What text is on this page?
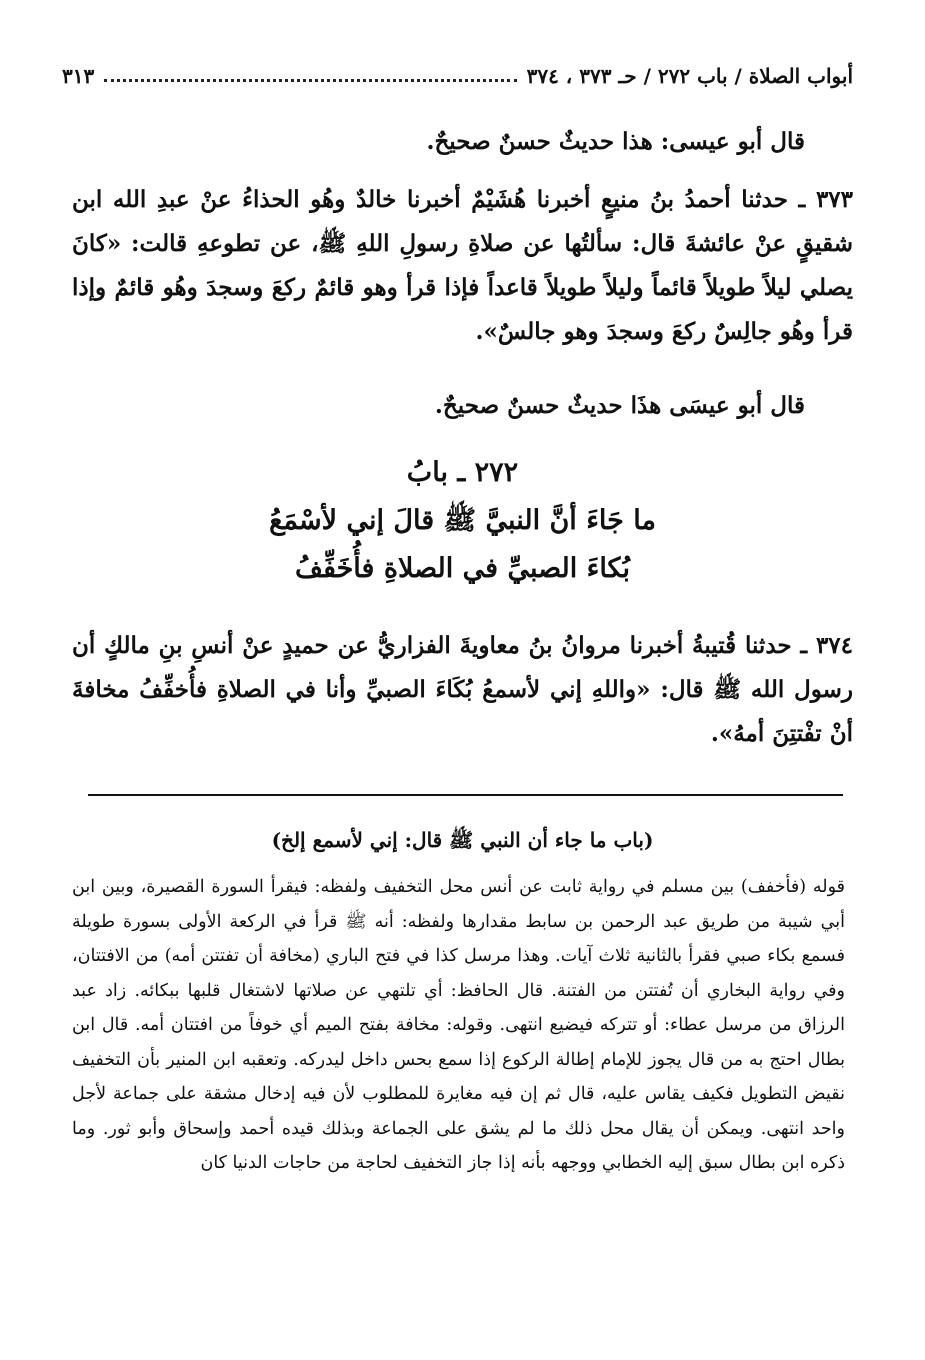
أبواب الصلاة / باب ٢٧٢ / حـ ٣٧٣ ، ٣٧٤
٣١٣
قال أبو عيسى: هذا حديثٌ حسنٌ صحيحٌ.
٣٧٣ ـ حدثنا أحمدُ بنُ منيعٍ أخبرنا هُشَيْمٌ أخبرنا خالدٌ وهُو الحذاءُ عنْ عبدِ الله ابن شقيقٍ عنْ عائشةَ قال: سألتُها عن صلاةِ رسولِ اللهِ ﷺ، عن تطوعهِ قالت: «كانَ يصلي ليلاً طويلاً قائماً وليلاً طويلاً قاعداً فإذا قرأ وهو قائمٌ ركعَ وسجدَ وهُو قائمٌ وإذا قرأ وهُو جالِسٌ ركعَ وسجدَ وهو جالسٌ».
قال أبو عيسَى هذَا حديثٌ حسنٌ صحيحٌ.
٢٧٢ ـ بابُ
ما جَاءَ أنَّ النبيَّ ﷺ قالَ إني لأسْمَعُ
بُكاءَ الصبيِّ في الصلاةِ فأُخَفِّفُ
٣٧٤ ـ حدثنا قُتيبةُ أخبرنا مروانُ بنُ معاويةَ الفزاريُّ عن حميدٍ عنْ أنسِ بنِ مالكٍ أن رسول الله ﷺ قال: «واللهِ إني لأسمعُ بُكَاءَ الصبيِّ وأنا في الصلاةِ فأُخفِّفُ مخافةَ أنْ تفْتتِنَ أمهُ».
(باب ما جاء أن النبي ﷺ قال: إني لأسمع إلخ)
قوله (فأخفف) بين مسلم في رواية ثابت عن أنس محل التخفيف ولفظه: فيقرأ السورة القصيرة، وبين ابن أبي شيبة من طريق عبد الرحمن بن سابط مقدارها ولفظه: أنه ﷺ قرأ في الركعة الأولى بسورة طويلة فسمع بكاء صبي فقرأ بالثانية ثلاث آيات. وهذا مرسل كذا في فتح الباري (مخافة أن تفتتن أمه) من الافتتان، وفي رواية البخاري أن تُفتتن من الفتنة. قال الحافظ: أي تلتهي عن صلاتها لاشتغال قلبها ببكائه. زاد عبد الرزاق من مرسل عطاء: أو تتركه فيضيع انتهى. وقوله: مخافة بفتح الميم أي خوفاً من افتتان أمه. قال ابن بطال احتج به من قال يجوز للإمام إطالة الركوع إذا سمع بحس داخل ليدركه. وتعقبه ابن المنير بأن التخفيف نقيض التطويل فكيف يقاس عليه، قال ثم إن فيه مغايرة للمطلوب لأن فيه إدخال مشقة على جماعة لأجل واحد انتهى. ويمكن أن يقال محل ذلك ما لم يشق على الجماعة وبذلك قيده أحمد وإسحاق وأبو ثور. وما ذكره ابن بطال سبق إليه الخطابي ووجهه بأنه إذا جاز التخفيف لحاجة من حاجات الدنيا كان
